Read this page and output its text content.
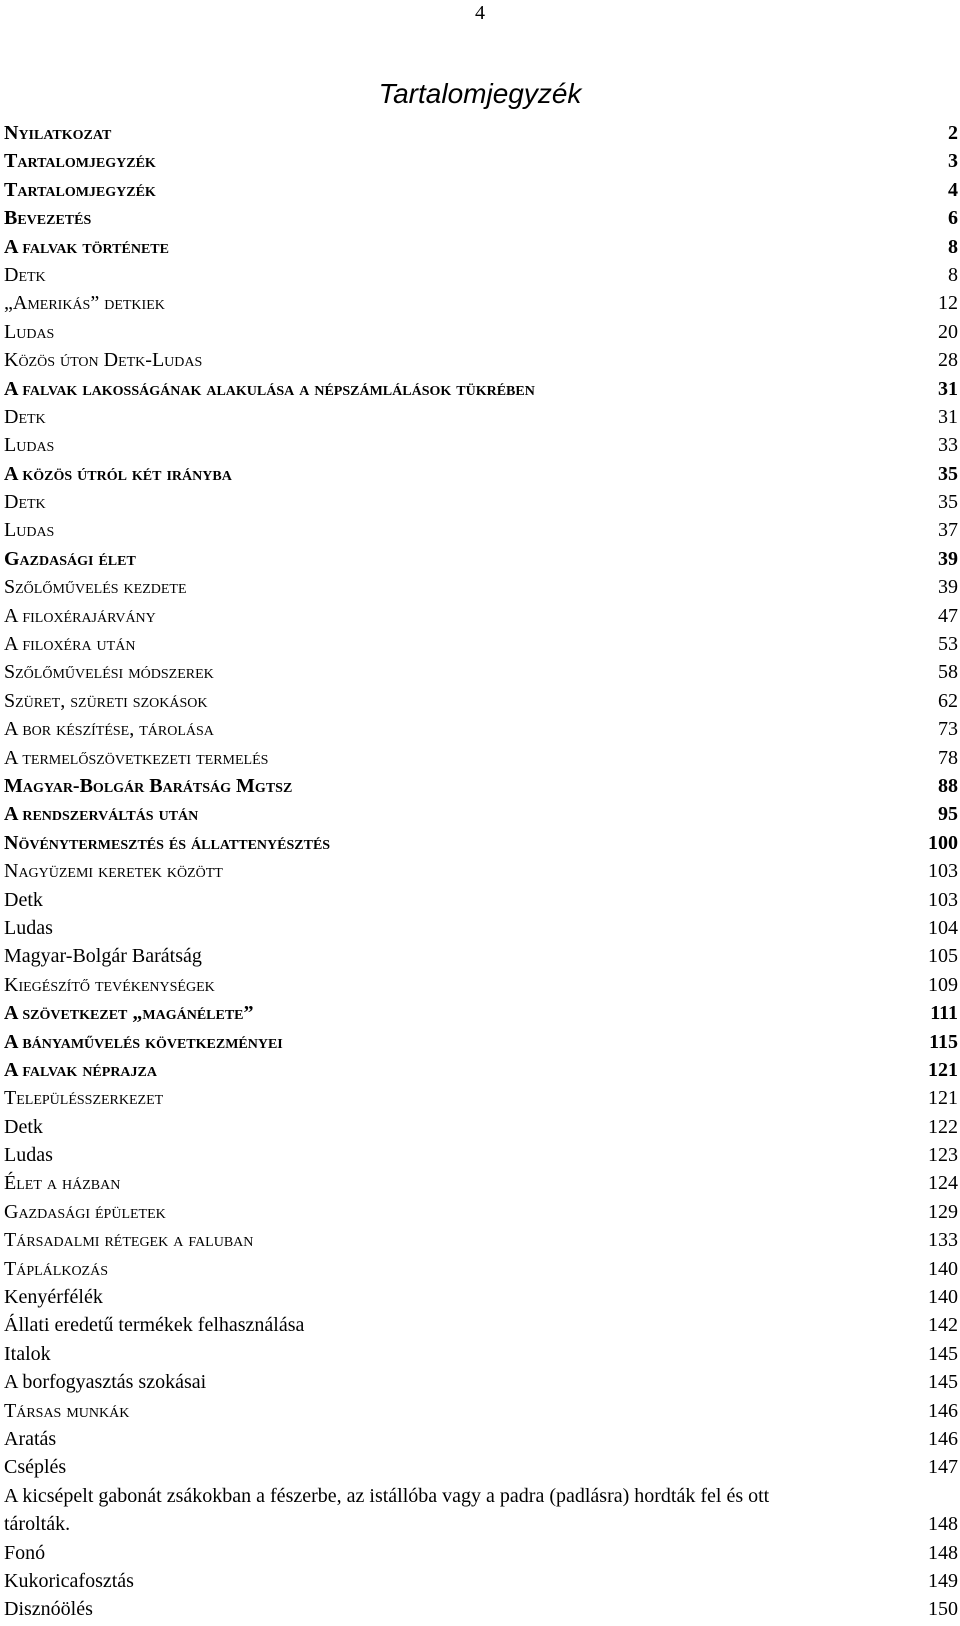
4
Tartalomjegyzék
Nyilatkozat	2
Tartalomjegyzék	3
Tartalomjegyzék	4
Bevezetés	6
A falvak története	8
Detk	8
„Amerikás” detkiek	12
Ludas	20
Közös úton Detk-Ludas	28
A falvak lakosságának alakulása a népszámlálások tükrében	31
Detk	31
Ludas	33
A közös útról két irányba	35
Detk	35
Ludas	37
Gazdasági élet	39
Szőlőművelés kezdete	39
A filoxérajárvány	47
A filoxéra után	53
Szőlőművelési módszerek	58
Szüret, szüreti szokások	62
A bor készítése, tárolása	73
A termelőszövetkezeti termelés	78
Magyar-Bolgár Barátság Mgtsz	88
A rendszerváltás után	95
Növénytermesztés és állattenyésztés	100
Nagyüzemi keretek között	103
Detk	103
Ludas	104
Magyar-Bolgár Barátság	105
Kiegészítő tevékenységek	109
A szövetkezet „magánélete”	111
A bányaművelés következményei	115
A falvak néprajza	121
Településszerkezet	121
Detk	122
Ludas	123
Élet a házban	124
Gazdasági épületek	129
Társadalmi rétegek a faluban	133
Táplálkozás	140
Kenyérfélék	140
Állati eredetű termékek felhasználása	142
Italok	145
A borfogyasztás szokásai	145
Társas munkák	146
Aratás	146
Cséplés	147
A kicsépelt gabonát zsákokban a fészerbe, az istállóba vagy a padra (padlásra) hordták fel és ott
tárolták.	148
Fonó	148
Kukoricafosztás	149
Disznóölés	150
